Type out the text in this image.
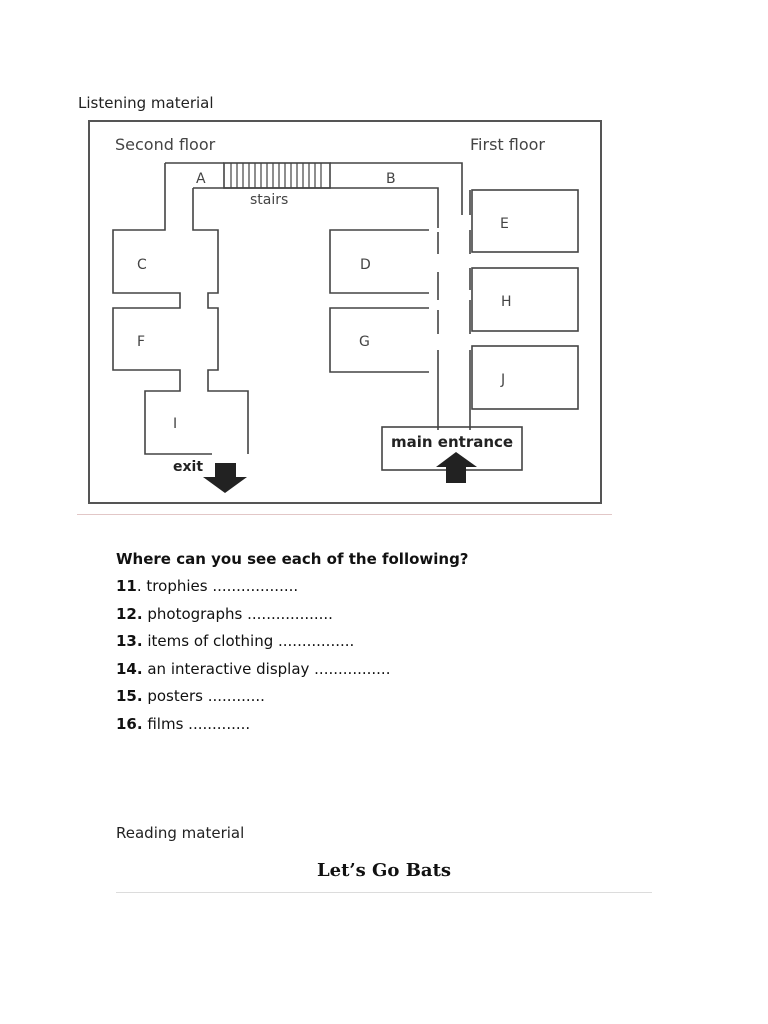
Listening material
Second floor	First floor
stairs
A	B
C	D
E
F	G
H
I
J
exit
main entrance
Where can you see each of the following?
11. trophies ..................
12. photographs ..................
13. items of clothing ................
14. an interactive display ................
15. posters ............
16. films .............
Reading material
Let’s Go Bats
